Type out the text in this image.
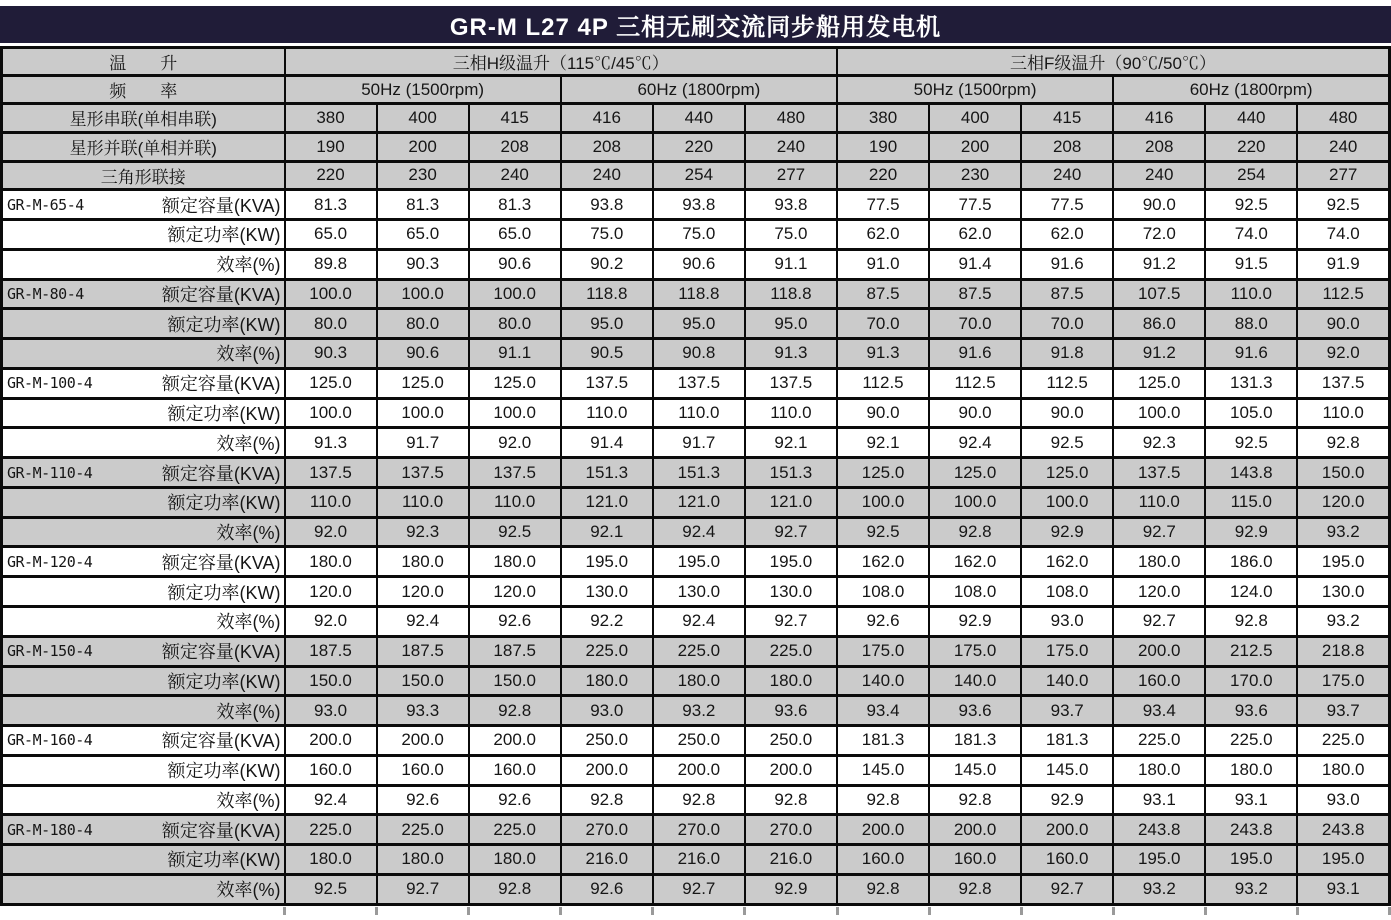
GR-M L27 4P 三相无刷交流同步船用发电机
温　　升	三相H级温升（115℃/45℃）						三相F级温升（90℃/50℃）					
频　　率	50Hz (1500rpm)			60Hz (1800rpm)			50Hz (1500rpm)			60Hz (1800rpm)		
星形串联(单相串联)	380	400	415	416	440	480	380	400	415	416	440	480
星形并联(单相并联)	190	200	208	208	220	240	190	200	208	208	220	240
三角形联接	220	230	240	240	254	277	220	230	240	240	254	277

GR-M-65-4 额定容量(KVA)	81.3	81.3	81.3	93.8	93.8	93.8	77.5	77.5	77.5	90.0	92.5	92.5

额定功率(KW)	65.0	65.0	65.0	75.0	75.0	75.0	62.0	62.0	62.0	72.0	74.0	74.0

效率(%)	89.8	90.3	90.6	90.2	90.6	91.1	91.0	91.4	91.6	91.2	91.5	91.9

GR-M-80-4 额定容量(KVA)	100.0	100.0	100.0	118.8	118.8	118.8	87.5	87.5	87.5	107.5	110.0	112.5

额定功率(KW)	80.0	80.0	80.0	95.0	95.0	95.0	70.0	70.0	70.0	86.0	88.0	90.0

效率(%)	90.3	90.6	91.1	90.5	90.8	91.3	91.3	91.6	91.8	91.2	91.6	92.0

GR-M-100-4 额定容量(KVA)	125.0	125.0	125.0	137.5	137.5	137.5	112.5	112.5	112.5	125.0	131.3	137.5

额定功率(KW)	100.0	100.0	100.0	110.0	110.0	110.0	90.0	90.0	90.0	100.0	105.0	110.0

效率(%)	91.3	91.7	92.0	91.4	91.7	92.1	92.1	92.4	92.5	92.3	92.5	92.8

GR-M-110-4 额定容量(KVA)	137.5	137.5	137.5	151.3	151.3	151.3	125.0	125.0	125.0	137.5	143.8	150.0

额定功率(KW)	110.0	110.0	110.0	121.0	121.0	121.0	100.0	100.0	100.0	110.0	115.0	120.0

效率(%)	92.0	92.3	92.5	92.1	92.4	92.7	92.5	92.8	92.9	92.7	92.9	93.2

GR-M-120-4 额定容量(KVA)	180.0	180.0	180.0	195.0	195.0	195.0	162.0	162.0	162.0	180.0	186.0	195.0

额定功率(KW)	120.0	120.0	120.0	130.0	130.0	130.0	108.0	108.0	108.0	120.0	124.0	130.0

效率(%)	92.0	92.4	92.6	92.2	92.4	92.7	92.6	92.9	93.0	92.7	92.8	93.2

GR-M-150-4 额定容量(KVA)	187.5	187.5	187.5	225.0	225.0	225.0	175.0	175.0	175.0	200.0	212.5	218.8

额定功率(KW)	150.0	150.0	150.0	180.0	180.0	180.0	140.0	140.0	140.0	160.0	170.0	175.0

效率(%)	93.0	93.3	92.8	93.0	93.2	93.6	93.4	93.6	93.7	93.4	93.6	93.7

GR-M-160-4 额定容量(KVA)	200.0	200.0	200.0	250.0	250.0	250.0	181.3	181.3	181.3	225.0	225.0	225.0

额定功率(KW)	160.0	160.0	160.0	200.0	200.0	200.0	145.0	145.0	145.0	180.0	180.0	180.0

效率(%)	92.4	92.6	92.6	92.8	92.8	92.8	92.8	92.8	92.9	93.1	93.1	93.0

GR-M-180-4 额定容量(KVA)	225.0	225.0	225.0	270.0	270.0	270.0	200.0	200.0	200.0	243.8	243.8	243.8

额定功率(KW)	180.0	180.0	180.0	216.0	216.0	216.0	160.0	160.0	160.0	195.0	195.0	195.0

效率(%)	92.5	92.7	92.8	92.6	92.7	92.9	92.8	92.8	92.7	93.2	93.2	93.1
